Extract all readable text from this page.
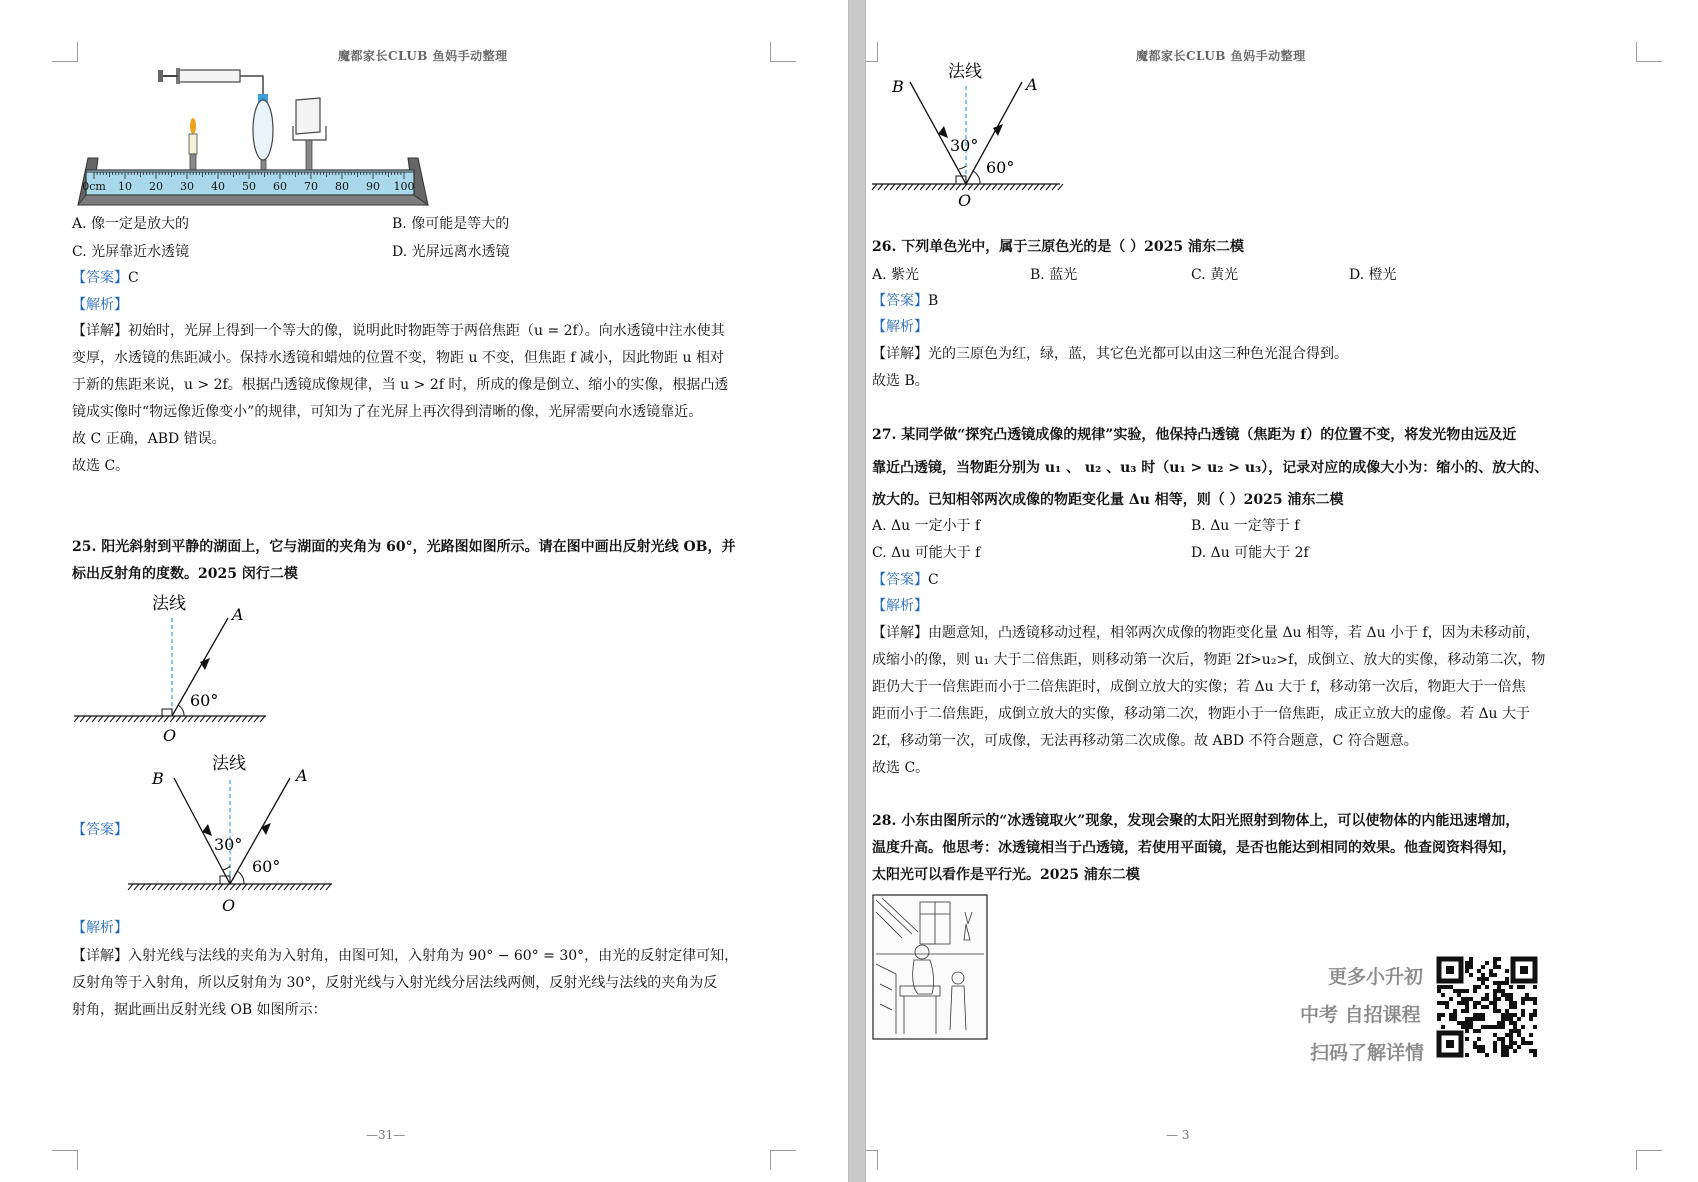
魔都家长CLUB 鱼妈手动整理
0cm 10 20 30 40 50 60 70 80 90 100
A. 像一定是放大的	B. 像可能是等大的
C. 光屏靠近水透镜	D. 光屏远离水透镜
【答案】C
【解析】
【详解】初始时，光屏上得到一个等大的像，说明此时物距等于两倍焦距（u = 2f）。向水透镜中注水使其
变厚，水透镜的焦距减小。保持水透镜和蜡烛的位置不变，物距 u 不变，但焦距 f 减小，因此物距 u 相对
于新的焦距来说，u > 2f。根据凸透镜成像规律，当 u > 2f 时，所成的像是倒立、缩小的实像，根据凸透
镜成实像时“物远像近像变小”的规律，可知为了在光屏上再次得到清晰的像，光屏需要向水透镜靠近。
故 C 正确，ABD 错误。
故选 C。
25. 阳光斜射到平静的湖面上，它与湖面的夹角为 60°，光路图如图所示。请在图中画出反射光线 OB，并
标出反射角的度数。2025 闵行二模
法线
A
60°
O
法线
A
B
30°
60°
O
【答案】
【解析】
【详解】入射光线与法线的夹角为入射角，由图可知，入射角为 90° − 60° = 30°，由光的反射定律可知，
反射角等于入射角，所以反射角为 30°，反射光线与入射光线分居法线两侧，反射光线与法线的夹角为反
射角，据此画出反射光线 OB 如图所示：
—31—
魔都家长CLUB 鱼妈手动整理
法线
A
B
30°
60°
O
26. 下列单色光中，属于三原色光的是（ ）2025 浦东二模
A. 紫光	B. 蓝光	C. 黄光	D. 橙光
【答案】B
【解析】
【详解】光的三原色为红，绿，蓝，其它色光都可以由这三种色光混合得到。
故选 B。
27. 某同学做“探究凸透镜成像的规律”实验，他保持凸透镜（焦距为 f）的位置不变，将发光物由远及近
靠近凸透镜，当物距分别为 u₁ 、 u₂ 、u₃ 时（u₁ > u₂ > u₃），记录对应的成像大小为：缩小的、放大的、
放大的。已知相邻两次成像的物距变化量 Δu 相等，则（ ）2025 浦东二模
A. Δu 一定小于 f	B. Δu 一定等于 f
C. Δu 可能大于 f	D. Δu 可能大于 2f
【答案】C
【解析】
【详解】由题意知，凸透镜移动过程，相邻两次成像的物距变化量 Δu 相等，若 Δu 小于 f，因为未移动前，
成缩小的像，则 u₁ 大于二倍焦距，则移动第一次后，物距 2f>u₂>f，成倒立、放大的实像，移动第二次，物
距仍大于一倍焦距而小于二倍焦距时，成倒立放大的实像；若 Δu 大于 f，移动第一次后，物距大于一倍焦
距而小于二倍焦距，成倒立放大的实像，移动第二次，物距小于一倍焦距，成正立放大的虚像。若 Δu 大于
2f，移动第一次，可成像，无法再移动第二次成像。故 ABD 不符合题意，C 符合题意。
故选 C。
28. 小东由图所示的“冰透镜取火”现象，发现会聚的太阳光照射到物体上，可以使物体的内能迅速增加，
温度升高。他思考：冰透镜相当于凸透镜，若使用平面镜，是否也能达到相同的效果。他查阅资料得知，
太阳光可以看作是平行光。2025 浦东二模
更多小升初
中考 自招课程
扫码了解详情
— 3
